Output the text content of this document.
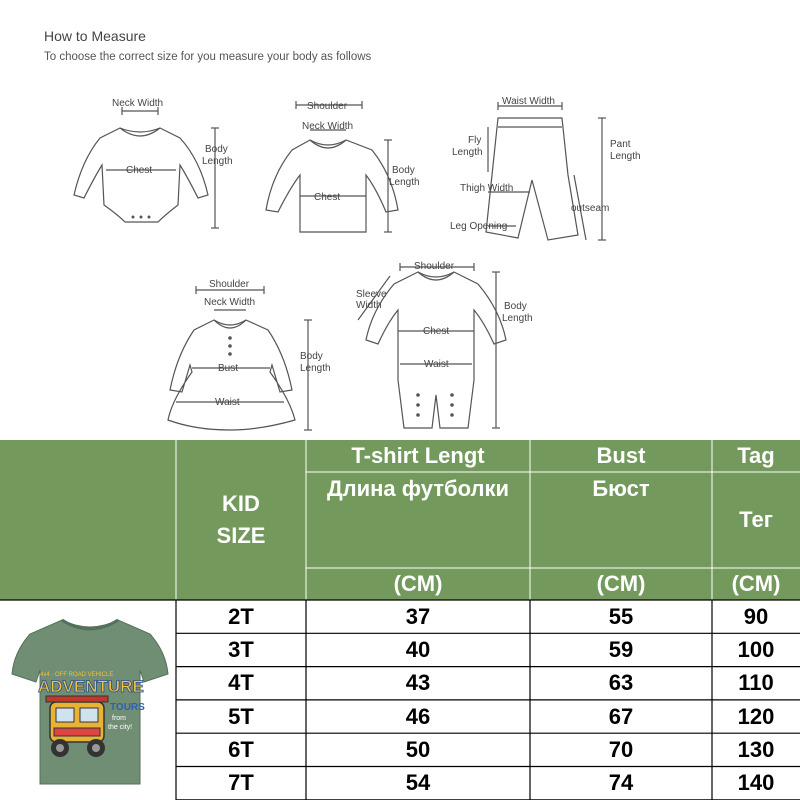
How to Measure
To choose the correct size for you measure your body as follows
Neck Width
Chest
Body
Length
Shoulder
Neck Width
Chest
Body
Length
Waist Width
Fly
Length
Pant
Length
Thigh Width
outseam
Leg Opening
Shoulder
Neck Width
Bust
Waist
Body
Length
Shoulder
Sleeve
Width
Chest
Waist
Body
Length
KID
SIZE
T-shirt Lengt
Длина футболки
(CM)
Bust
Бюст
(CM)
Tag
Тег
(CM)
2T	37	55	90
3T	40	59	100
4T	43	63	110
5T	46	67	120
6T	50	70	130
7T	54	74	140
4x4 · OFF ROAD VEHICLE
ADVENTURE
TOURS
from
the city!
